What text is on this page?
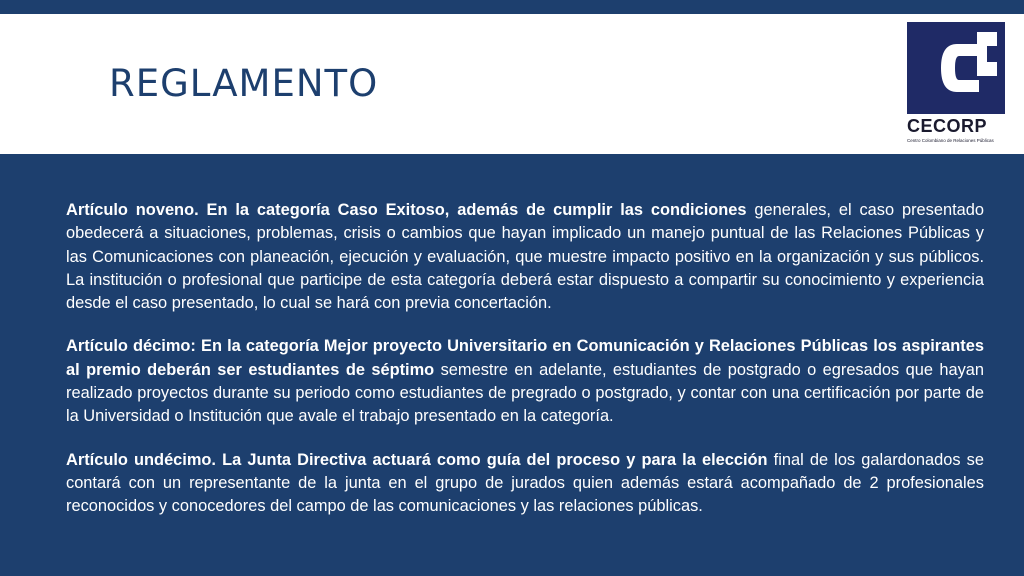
REGLAMENTO
CECORP
Centro Colombiano de Relaciones Públicas

Artículo noveno. En la categoría Caso Exitoso, además de cumplir las condiciones generales, el caso presentado obedecerá a situaciones, problemas, crisis o cambios que hayan implicado un manejo puntual de las Relaciones Públicas y las Comunicaciones con planeación, ejecución y evaluación, que muestre impacto positivo en la organización y sus públicos. La institución o profesional que participe de esta categoría deberá estar dispuesto a compartir su conocimiento y experiencia desde el caso presentado, lo cual se hará con previa concertación.

Artículo décimo: En la categoría Mejor proyecto Universitario en Comunicación y Relaciones Públicas los aspirantes al premio deberán ser estudiantes de séptimo semestre en adelante, estudiantes de postgrado o egresados que hayan realizado proyectos durante su periodo como estudiantes de pregrado o postgrado, y contar con una certificación por parte de la Universidad o Institución que avale el trabajo presentado en la categoría.

Artículo undécimo. La Junta Directiva actuará como guía del proceso y para la elección final de los galardonados se contará con un representante de la junta en el grupo de jurados quien además estará acompañado de 2 profesionales reconocidos y conocedores del campo de las comunicaciones y las relaciones públicas.
